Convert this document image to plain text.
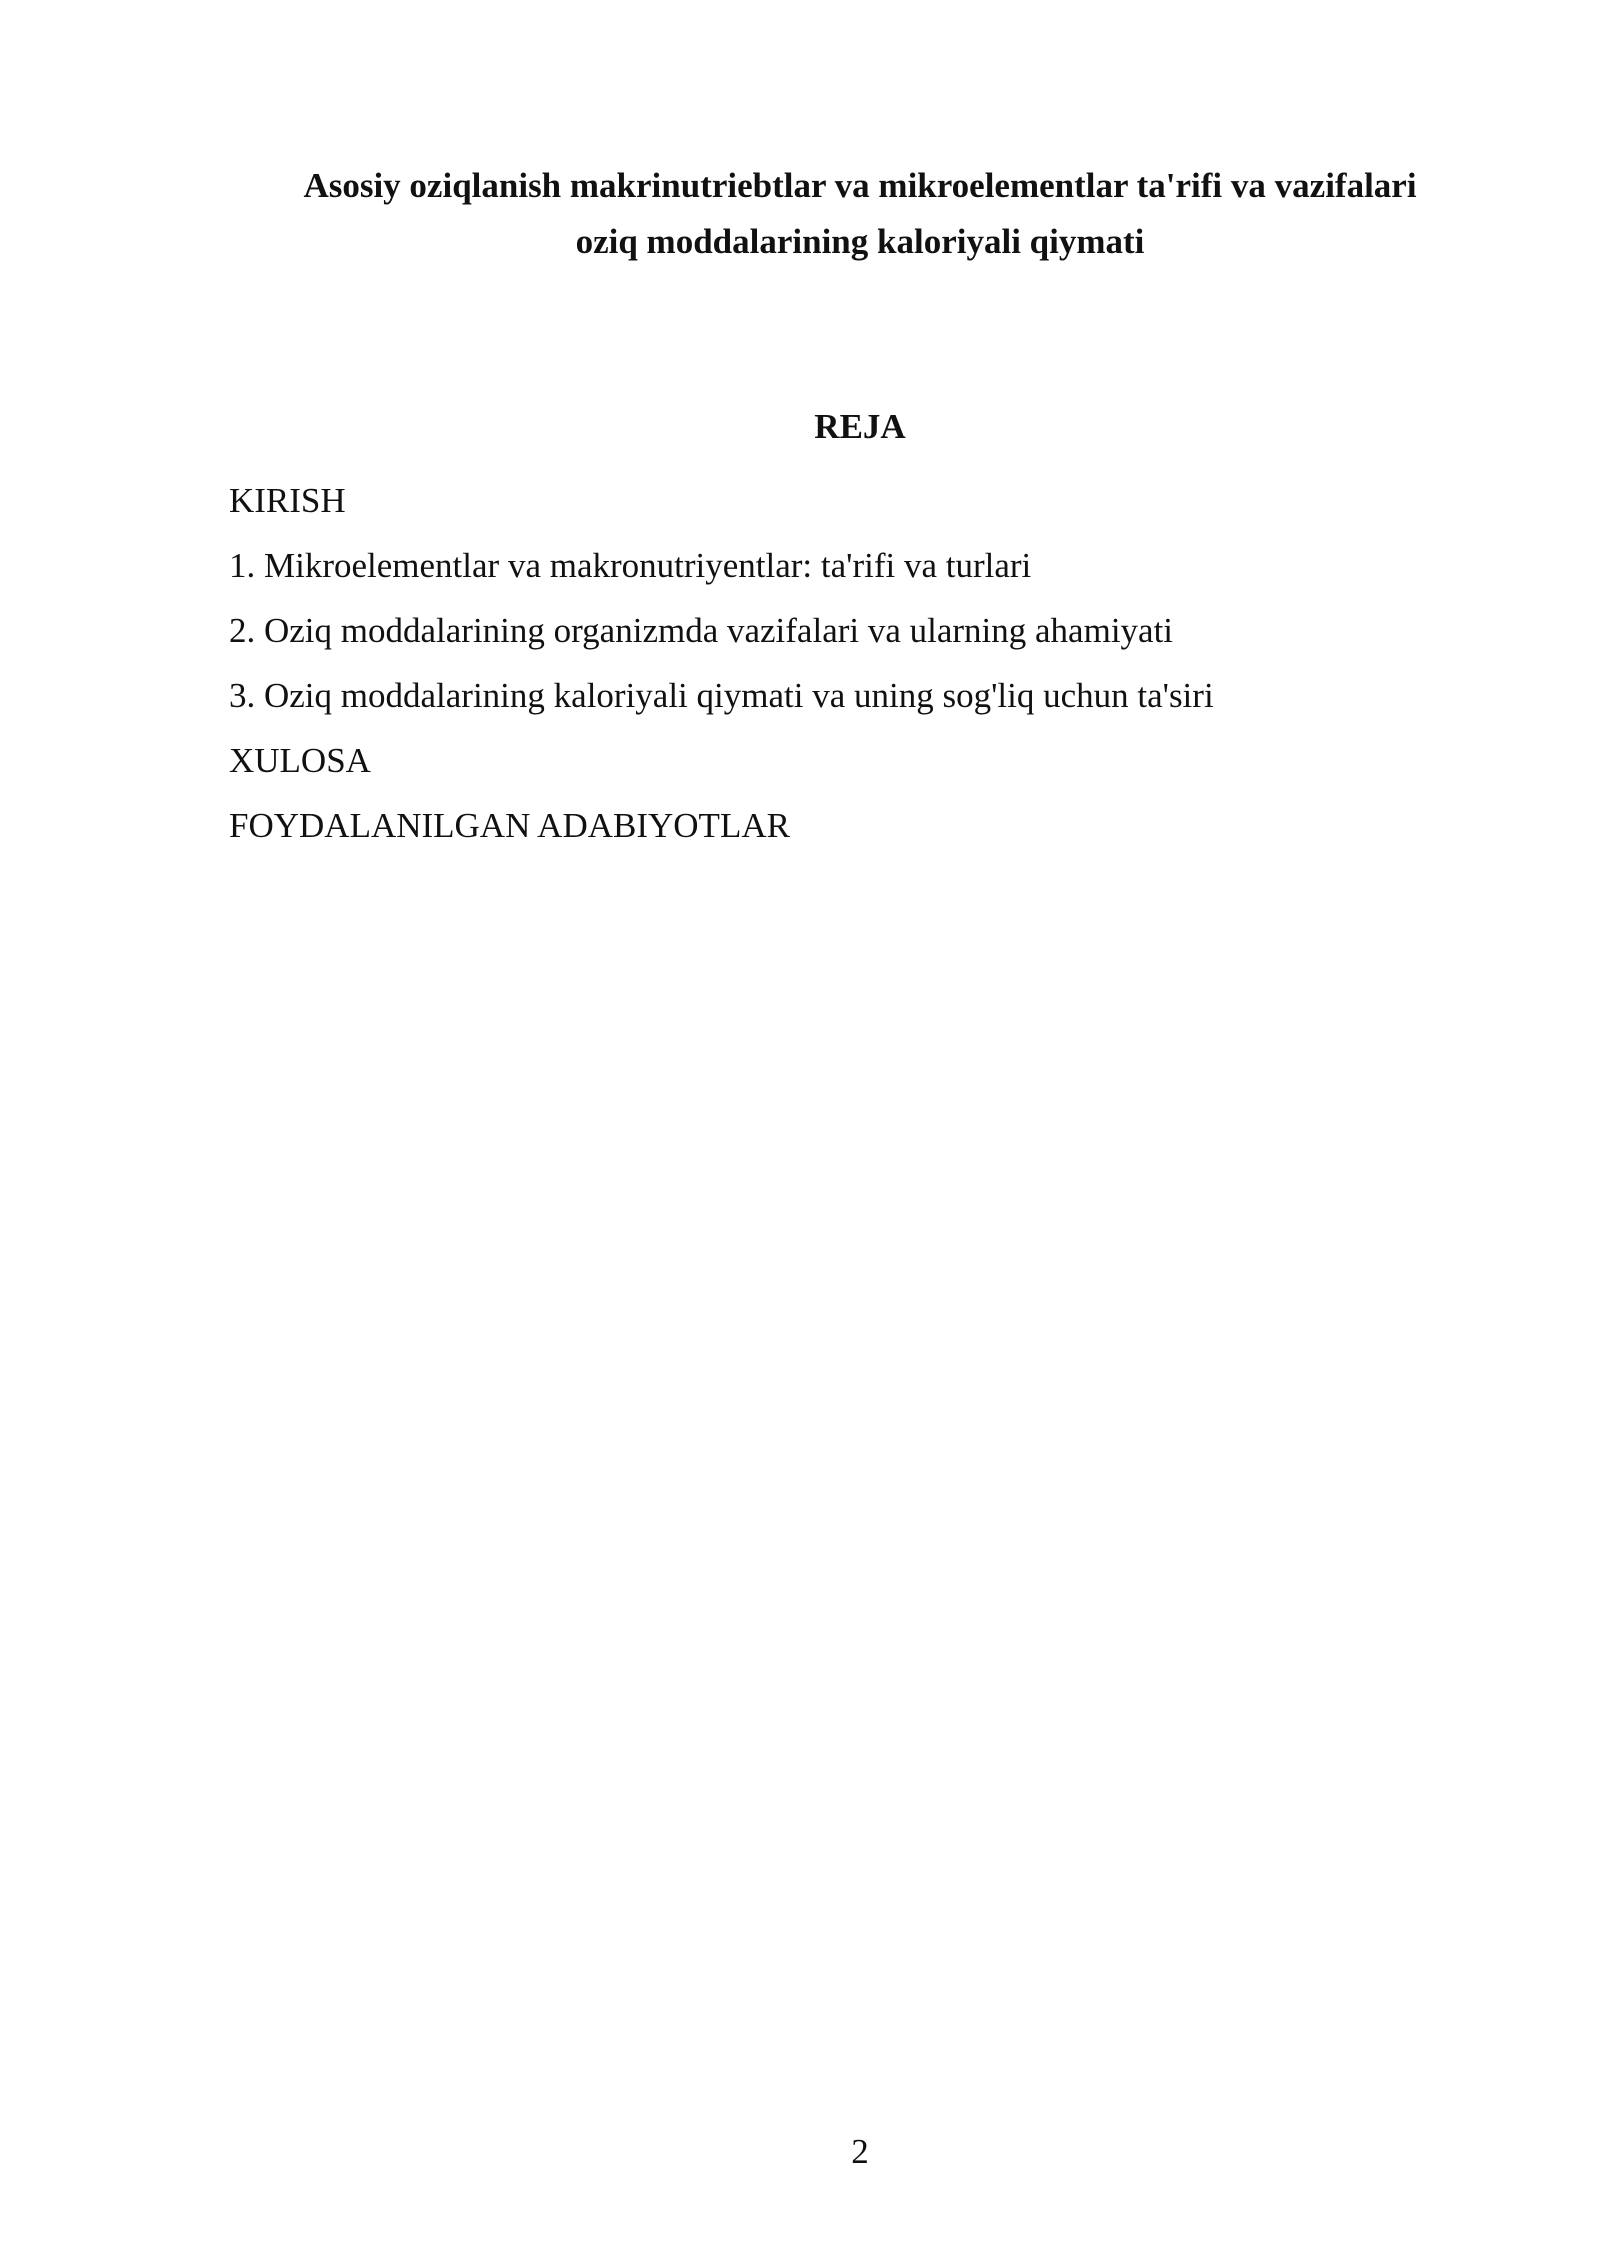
Asosiy oziqlanish makrinutriebtlar va mikroelementlar ta'rifi va vazifalari
oziq moddalarining kaloriyali qiymati
REJA
KIRISH
1. Mikroelementlar va makronutriyentlar: ta'rifi va turlari
2. Oziq moddalarining organizmda vazifalari va ularning ahamiyati
3. Oziq moddalarining kaloriyali qiymati va uning sog'liq uchun ta'siri
XULOSA
FOYDALANILGAN ADABIYOTLAR
2
